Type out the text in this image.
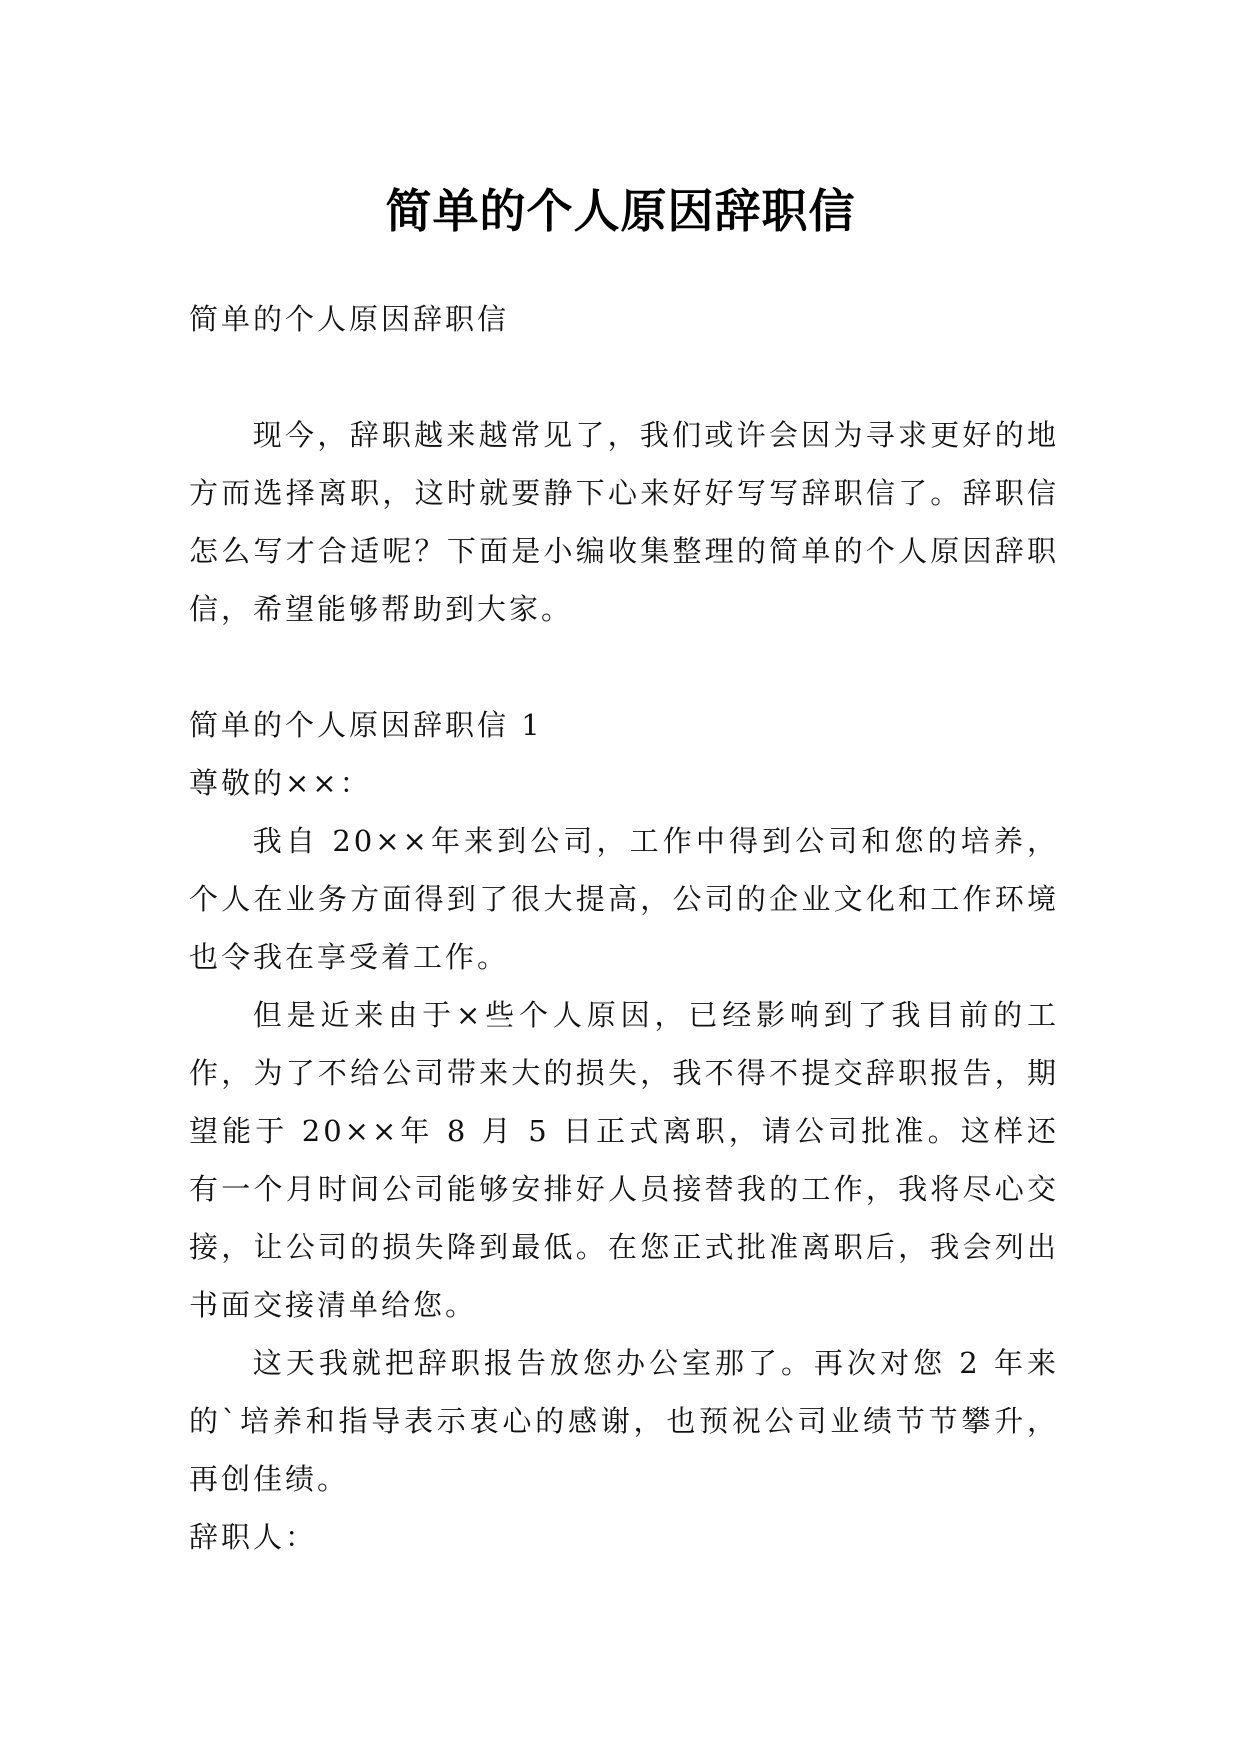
简单的个人原因辞职信

简单的个人原因辞职信

现今，辞职越来越常见了，我们或许会因为寻求更好的地方而选择离职，这时就要静下心来好好写写辞职信了。辞职信怎么写才合适呢？下面是小编收集整理的简单的个人原因辞职信，希望能够帮助到大家。

简单的个人原因辞职信 1

尊敬的××：

我自 20××年来到公司，工作中得到公司和您的培养，个人在业务方面得到了很大提高，公司的企业文化和工作环境也令我在享受着工作。

但是近来由于×些个人原因，已经影响到了我目前的工作，为了不给公司带来大的损失，我不得不提交辞职报告，期望能于 20××年 8 月 5 日正式离职，请公司批准。这样还有一个月时间公司能够安排好人员接替我的工作，我将尽心交接，让公司的损失降到最低。在您正式批准离职后，我会列出书面交接清单给您。

这天我就把辞职报告放您办公室那了。再次对您 2 年来的`培养和指导表示衷心的感谢，也预祝公司业绩节节攀升，再创佳绩。

辞职人：
